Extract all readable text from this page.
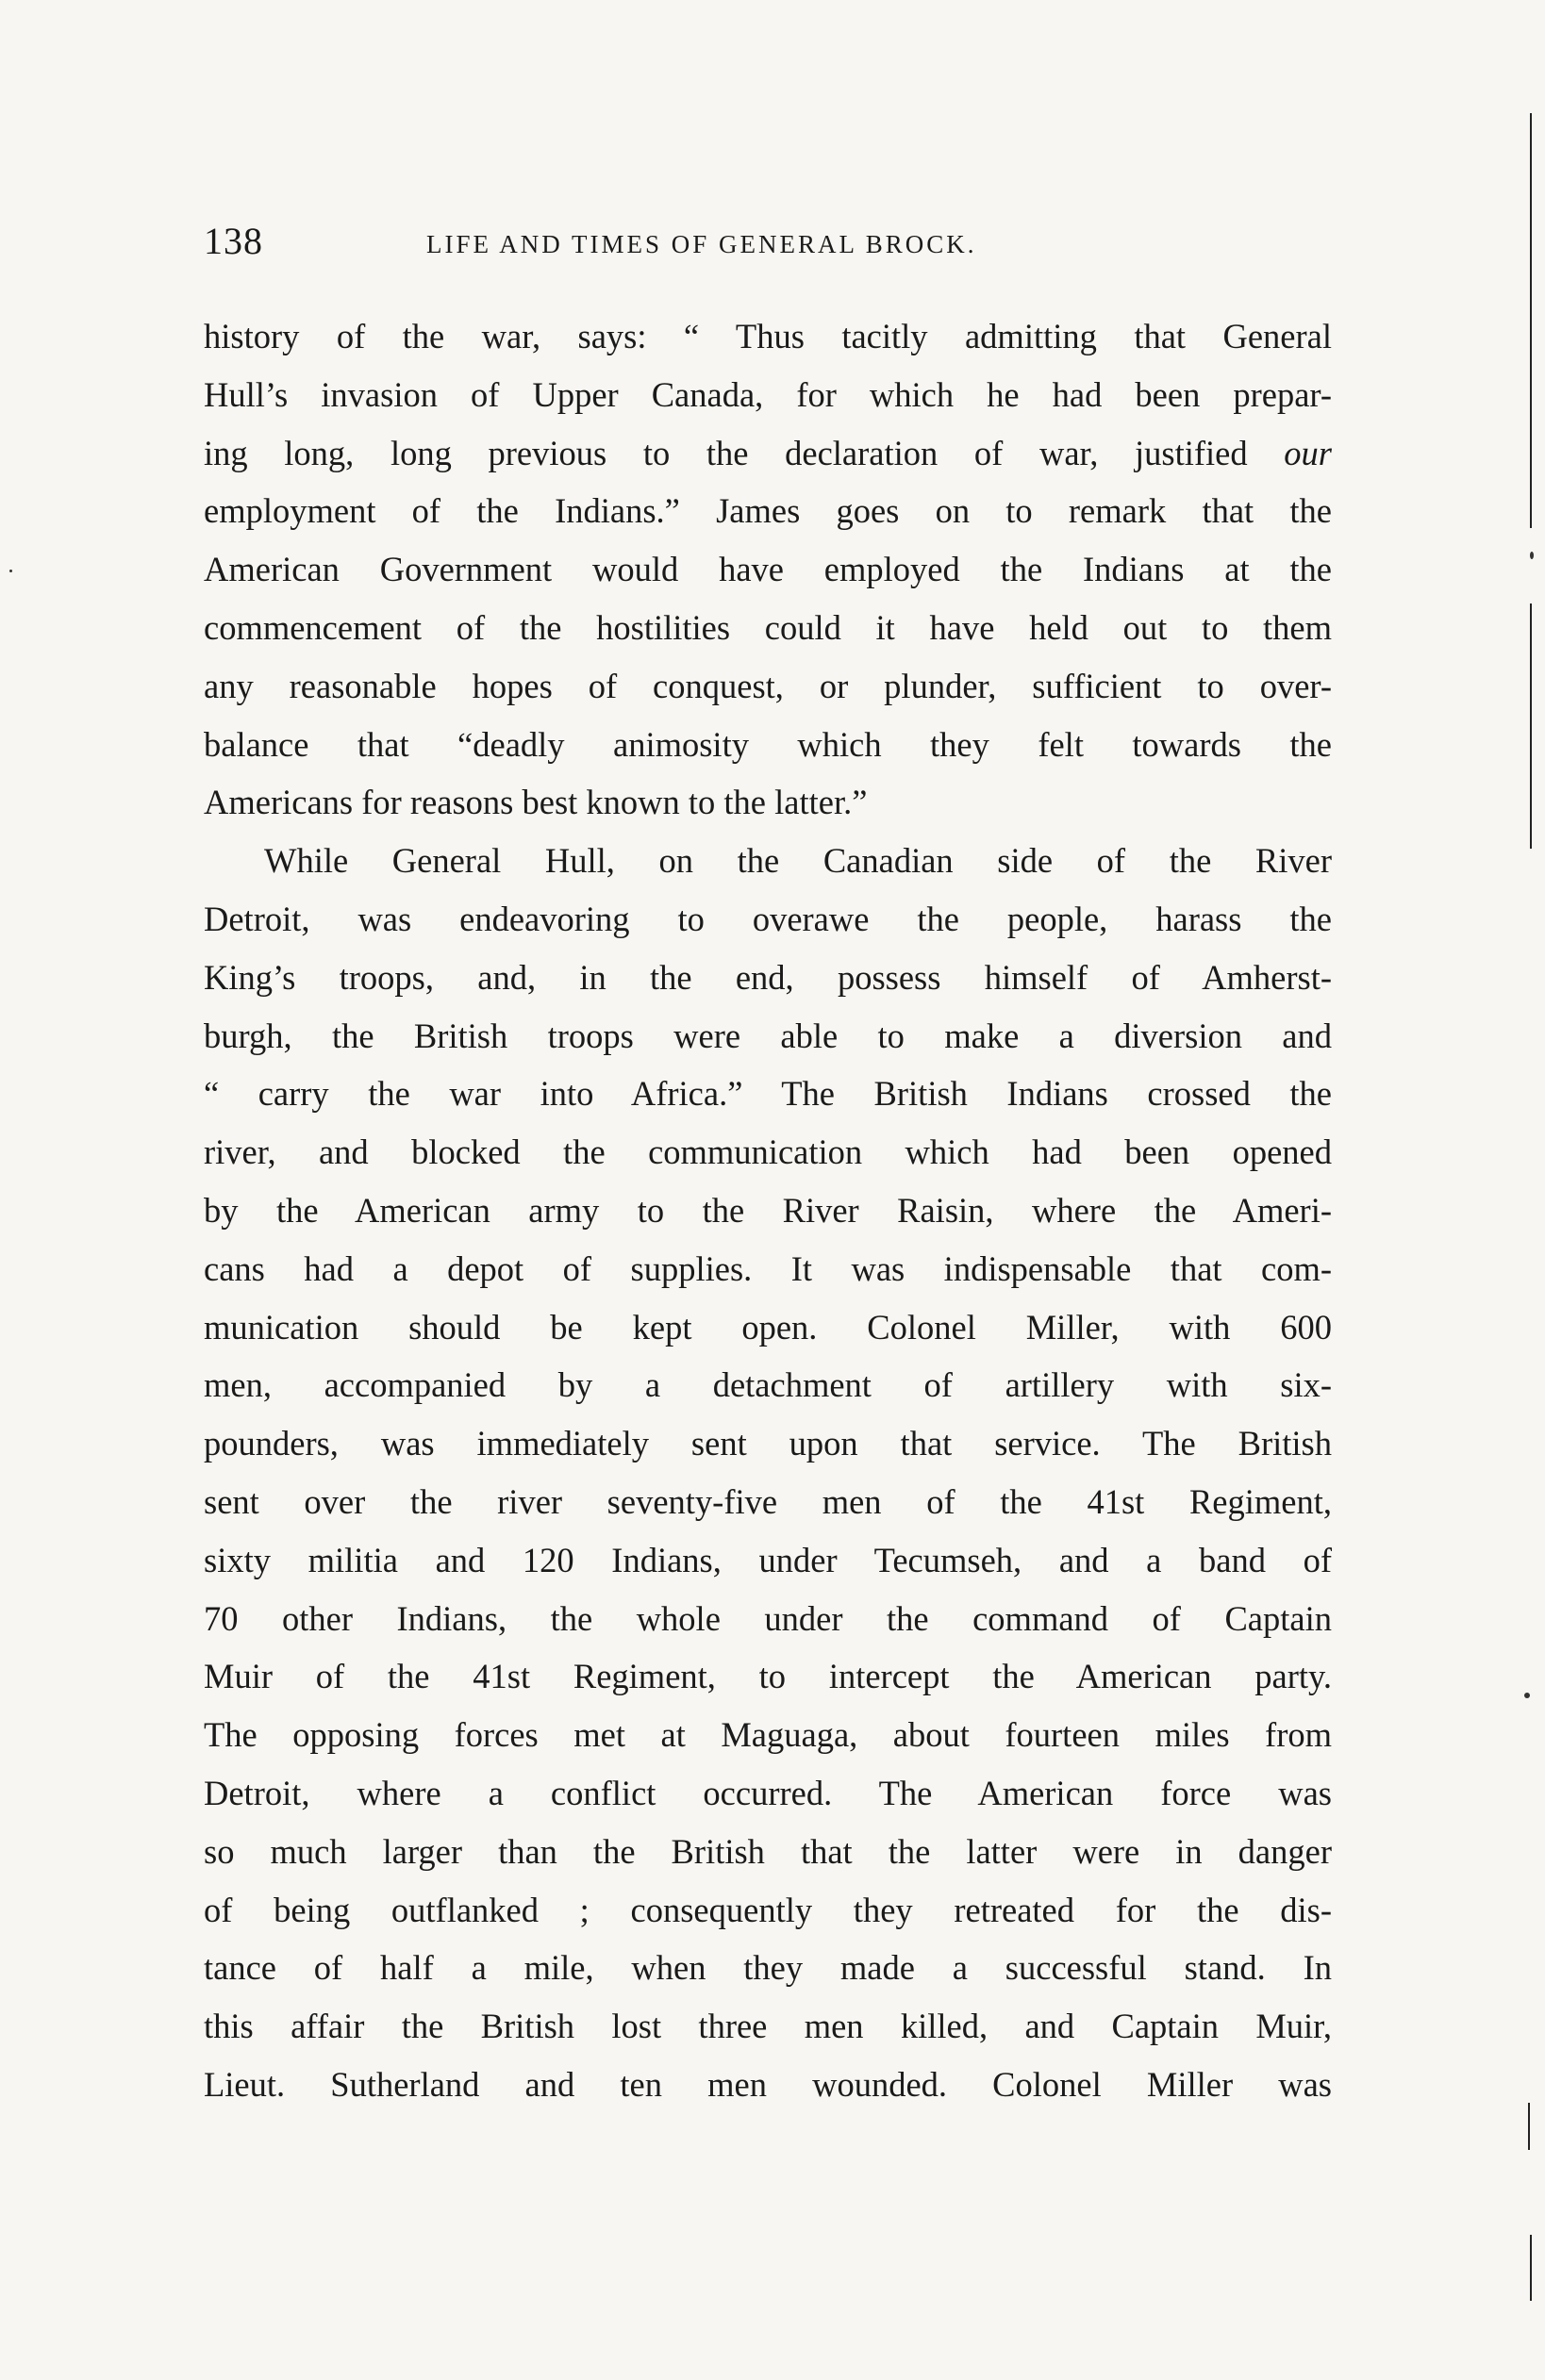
138	LIFE AND TIMES OF GENERAL BROCK.
history of the war, says: “ Thus tacitly admitting that General
Hull’s invasion of Upper Canada, for which he had been prepar-
ing long, long previous to the declaration of war, justified our
employment of the Indians.” James goes on to remark that the
American Government would have employed the Indians at the
commencement of the hostilities could it have held out to them
any reasonable hopes of conquest, or plunder, sufficient to over-
balance that “deadly animosity which they felt towards the
Americans for reasons best known to the latter.”
While General Hull, on the Canadian side of the River
Detroit, was endeavoring to overawe the people, harass the
King’s troops, and, in the end, possess himself of Amherst-
burgh, the British troops were able to make a diversion and
“ carry the war into Africa.” The British Indians crossed the
river, and blocked the communication which had been opened
by the American army to the River Raisin, where the Ameri-
cans had a depot of supplies. It was indispensable that com-
munication should be kept open. Colonel Miller, with 600
men, accompanied by a detachment of artillery with six-
pounders, was immediately sent upon that service. The British
sent over the river seventy-five men of the 41st Regiment,
sixty militia and 120 Indians, under Tecumseh, and a band of
70 other Indians, the whole under the command of Captain
Muir of the 41st Regiment, to intercept the American party.
The opposing forces met at Maguaga, about fourteen miles from
Detroit, where a conflict occurred. The American force was
so much larger than the British that the latter were in danger
of being outflanked ; consequently they retreated for the dis-
tance of half a mile, when they made a successful stand. In
this affair the British lost three men killed, and Captain Muir,
Lieut. Sutherland and ten men wounded. Colonel Miller was
